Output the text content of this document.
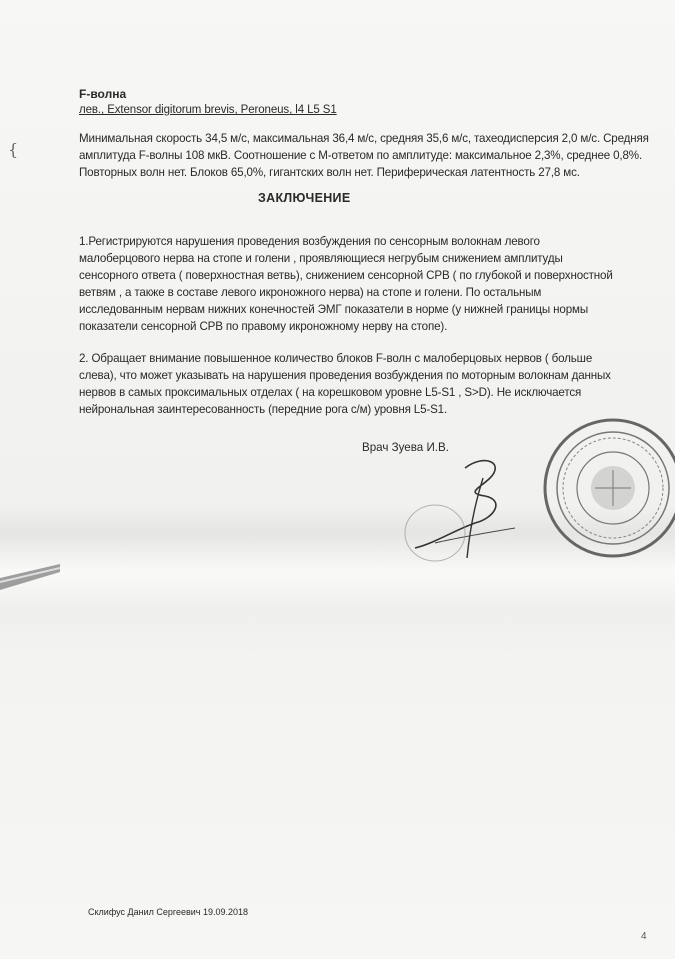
{
F-волна
лев., Extensor digitorum brevis, Peroneus, l4 L5 S1
Минимальная скорость 34,5 м/с, максимальная 36,4 м/с, средняя 35,6 м/с, тахеодисперсия 2,0 м/с. Средняя
амплитуда F-волны 108 мкВ. Соотношение с М-ответом по амплитуде: максимальное 2,3%, среднее 0,8%.
Повторных волн нет. Блоков 65,0%, гигантских волн нет. Периферическая латентность 27,8 мс.
ЗАКЛЮЧЕНИЕ
1.Регистрируются нарушения проведения возбуждения по сенсорным волокнам левого
малоберцового нерва на стопе и голени , проявляющиеся негрубым снижением амплитуды
сенсорного ответа ( поверхностная ветвь), снижением сенсорной СРВ ( по глубокой и поверхностной
ветвям , а также в составе левого икроножного нерва) на стопе и голени. По остальным
исследованным нервам нижних конечностей ЭМГ показатели в норме (у нижней границы нормы
показатели сенсорной СРВ по правому икроножному нерву на стопе).
2. Обращает внимание повышенное количество блоков F-волн с малоберцовых нервов ( больше
слева), что может указывать на нарушения проведения возбуждения по моторным волокнам данных
нервов в самых проксимальных отделах ( на корешковом уровне L5-S1 , S>D). Не исключается
нейрональная заинтересованность (передние рога с/м) уровня L5-S1.
Врач Зуева И.В.
Склифус Данил Сергеевич 19.09.2018
4
